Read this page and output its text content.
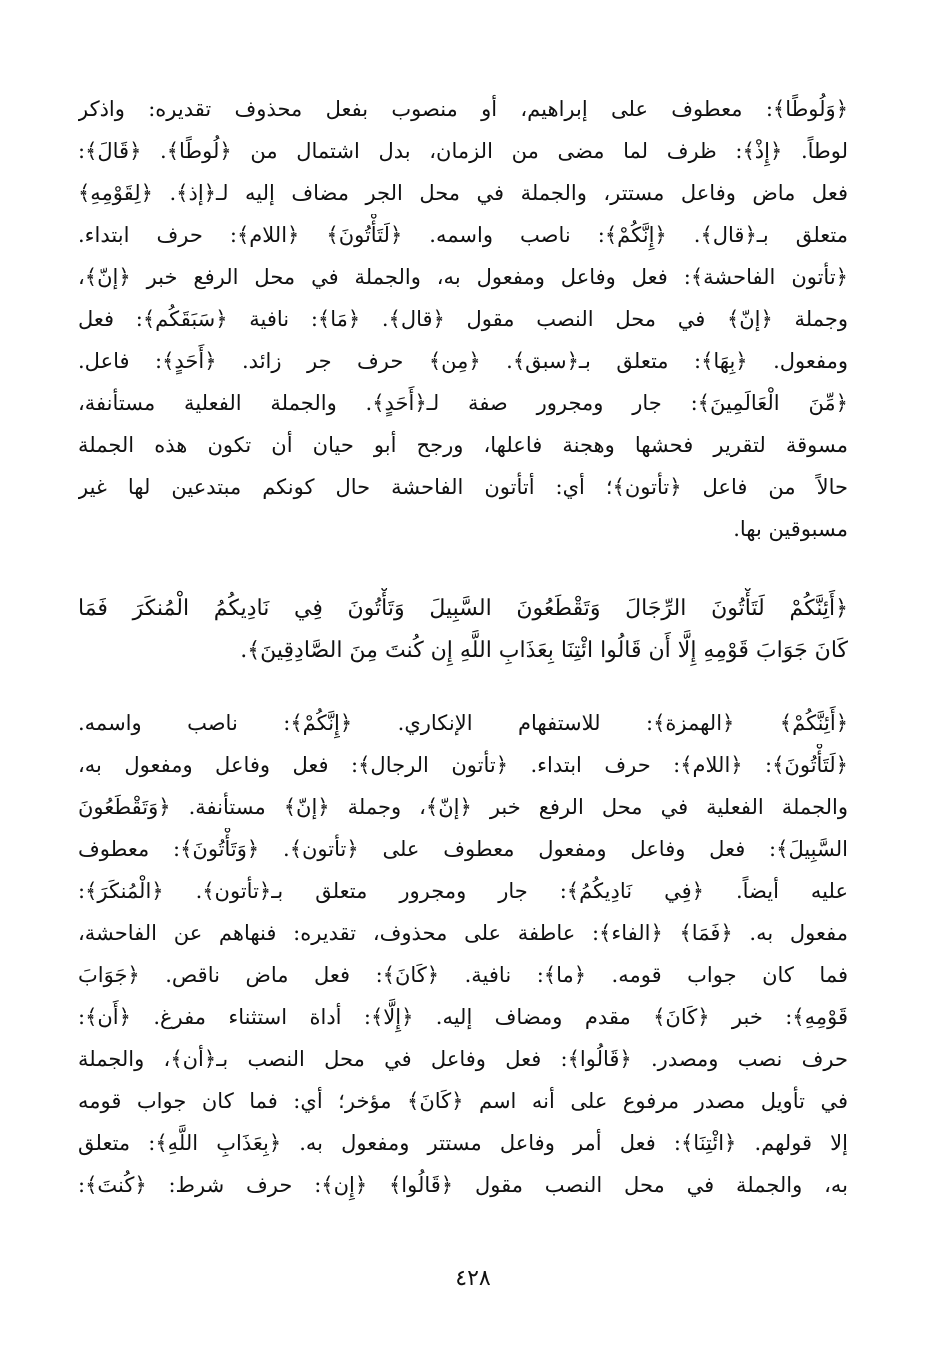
﴿وَلُوطًا﴾: معطوف على إبراهيم، أو منصوب بفعل محذوف تقديره: واذكر
لوطاً. ﴿إِذْ﴾: ظرف لما مضى من الزمان، بدل اشتمال من ﴿لُوطًا﴾. ﴿قَالَ﴾:
فعل ماض وفاعل مستتر، والجملة في محل الجر مضاف إليه لـ﴿إذ﴾. ﴿لِقَوْمِهِ﴾
متعلق بـ﴿قال﴾. ﴿إِنَّكُمْ﴾: ناصب واسمه. ﴿لَتَأْتُونَ﴾ ﴿اللام﴾: حرف ابتداء.
﴿تأتون الفاحشة﴾: فعل وفاعل ومفعول به، والجملة في محل الرفع خبر ﴿إنّ﴾،
وجملة ﴿إنّ﴾ في محل النصب مقول ﴿قال﴾. ﴿مَا﴾: نافية ﴿سَبَقَكُم﴾: فعل
ومفعول. ﴿بِهَا﴾: متعلق بـ﴿سبق﴾. ﴿مِن﴾ حرف جر زائد. ﴿أَحَدٍ﴾: فاعل.
﴿مِّنَ الْعَالَمِينَ﴾: جار ومجرور صفة لـ﴿أَحَدٍ﴾. والجملة الفعلية مستأنفة،
مسوقة لتقرير فحشها وهجنة فاعلها، ورجح أبو حيان أن تكون هذه الجملة
حالاً من فاعل ﴿تأتون﴾؛ أي: أتأتون الفاحشة حال كونكم مبتدعين لها غير
مسبوقين بها.
﴿أَئِنَّكُمْ لَتَأْتُونَ الرِّجَالَ وَتَقْطَعُونَ السَّبِيلَ وَتَأْتُونَ فِي نَادِيكُمُ الْمُنكَرَ فَمَا
كَانَ جَوَابَ قَوْمِهِ إِلَّا أَن قَالُوا ائْتِنَا بِعَذَابِ اللَّهِ إِن كُنتَ مِنَ الصَّادِقِينَ﴾.
﴿أَئِنَّكُمْ﴾ ﴿الهمزة﴾: للاستفهام الإنكاري. ﴿إِنَّكُمْ﴾: ناصب واسمه.
﴿لَتَأْتُونَ﴾: ﴿اللام﴾: حرف ابتداء. ﴿تأتون الرجال﴾: فعل وفاعل ومفعول به،
والجملة الفعلية في محل الرفع خبر ﴿إنّ﴾، وجملة ﴿إنّ﴾ مستأنفة. ﴿وَتَقْطَعُونَ
السَّبِيلَ﴾: فعل وفاعل ومفعول معطوف على ﴿تأتون﴾. ﴿وَتَأْتُونَ﴾: معطوف
عليه أيضاً. ﴿فِي نَادِيكُمُ﴾: جار ومجرور متعلق بـ﴿تأتون﴾. ﴿الْمُنكَرَ﴾:
مفعول به. ﴿فَمَا﴾ ﴿الفاء﴾: عاطفة على محذوف، تقديره: فنهاهم عن الفاحشة،
فما كان جواب قومه. ﴿ما﴾: نافية. ﴿كَانَ﴾: فعل ماض ناقص. ﴿جَوَابَ
قَوْمِهِ﴾: خبر ﴿كَانَ﴾ مقدم ومضاف إليه. ﴿إِلَّا﴾: أداة استثناء مفرغ. ﴿أَن﴾:
حرف نصب ومصدر. ﴿قَالُوا﴾: فعل وفاعل في محل النصب بـ﴿أن﴾، والجملة
في تأويل مصدر مرفوع على أنه اسم ﴿كَانَ﴾ مؤخر؛ أي: فما كان جواب قومه
إلا قولهم. ﴿ائْتِنَا﴾: فعل أمر وفاعل مستتر ومفعول به. ﴿بِعَذَابِ اللَّهِ﴾: متعلق
به، والجملة في محل النصب مقول ﴿قَالُوا﴾ ﴿إِن﴾: حرف شرط: ﴿كُنتَ﴾:
٤٢٨
